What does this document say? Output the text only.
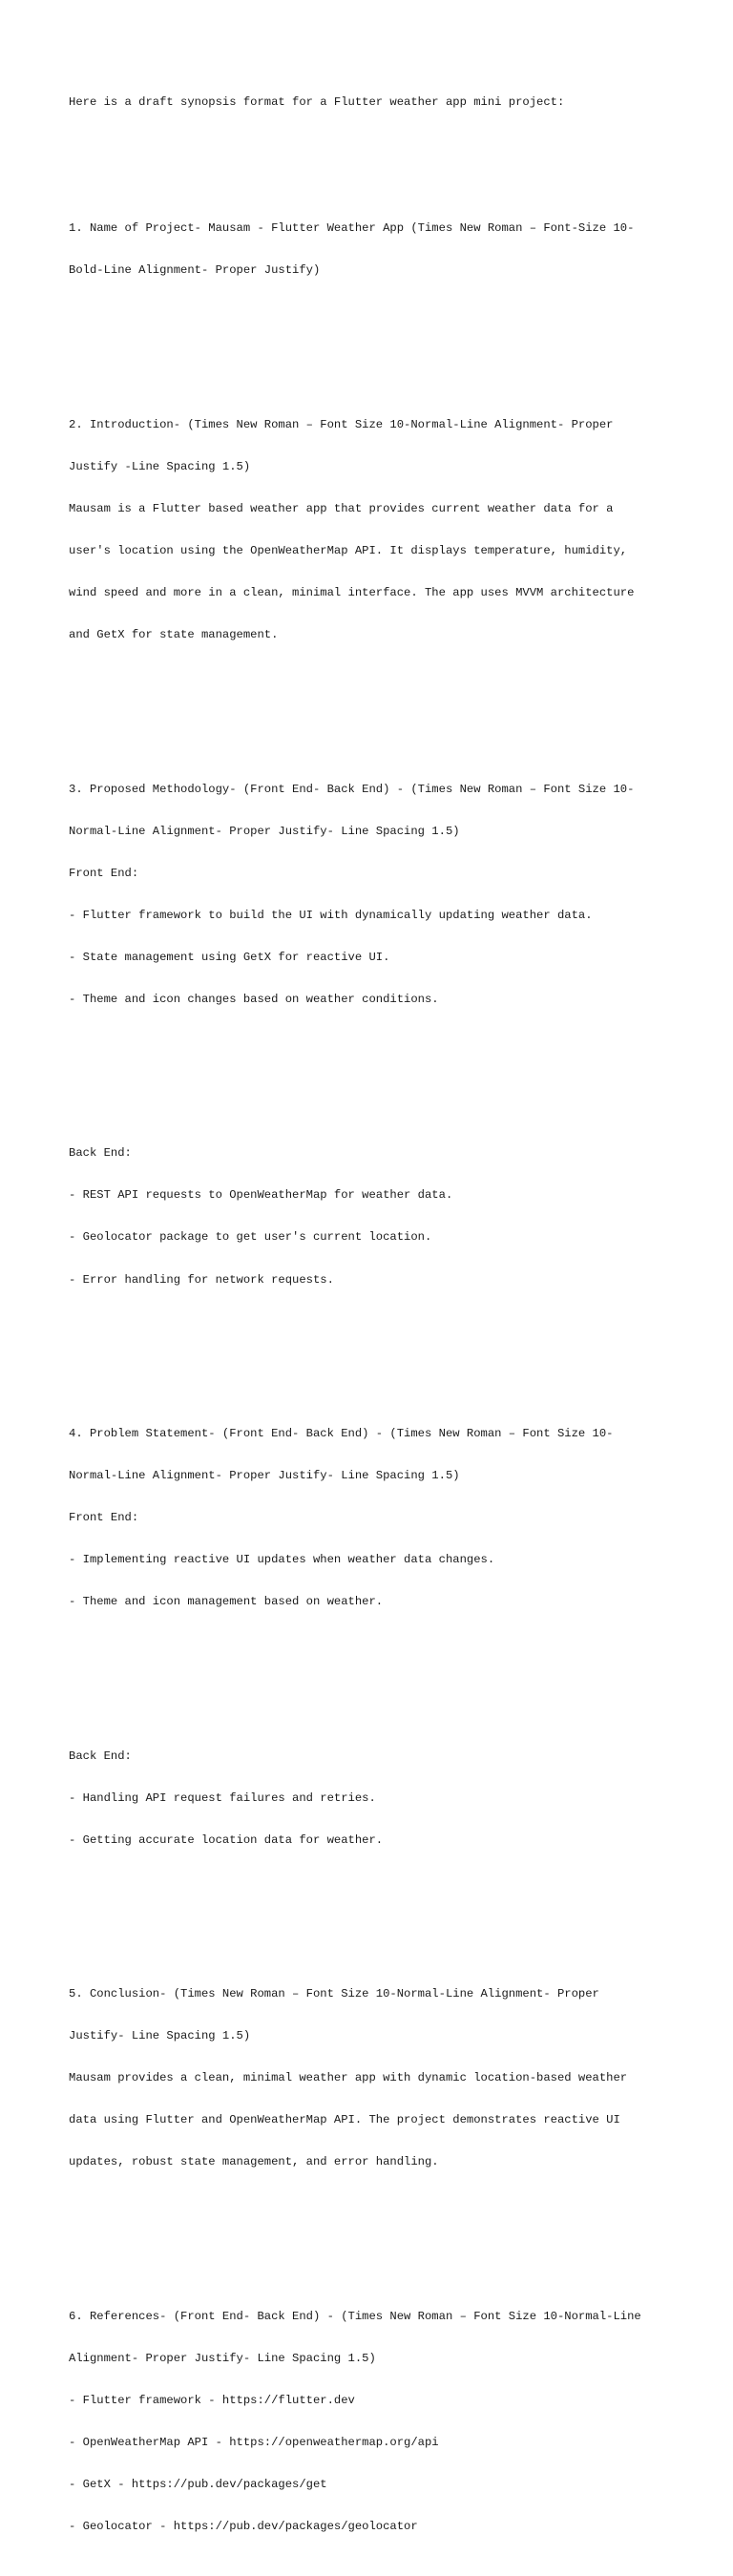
Here is a draft synopsis format for a Flutter weather app mini project:

1. Name of Project- Mausam - Flutter Weather App (Times New Roman – Font-Size 10-

Bold-Line Alignment- Proper Justify)

2. Introduction- (Times New Roman – Font Size 10-Normal-Line Alignment- Proper

Justify -Line Spacing 1.5)

Mausam is a Flutter based weather app that provides current weather data for a

user's location using the OpenWeatherMap API. It displays temperature, humidity,

wind speed and more in a clean, minimal interface. The app uses MVVM architecture

and GetX for state management.

3. Proposed Methodology- (Front End- Back End) - (Times New Roman – Font Size 10-

Normal-Line Alignment- Proper Justify- Line Spacing 1.5)

Front End:

- Flutter framework to build the UI with dynamically updating weather data.

- State management using GetX for reactive UI.

- Theme and icon changes based on weather conditions.

Back End:

- REST API requests to OpenWeatherMap for weather data.

- Geolocator package to get user's current location.

- Error handling for network requests.

4. Problem Statement- (Front End- Back End) - (Times New Roman – Font Size 10-

Normal-Line Alignment- Proper Justify- Line Spacing 1.5)

Front End:

- Implementing reactive UI updates when weather data changes.

- Theme and icon management based on weather.

Back End:

- Handling API request failures and retries.

- Getting accurate location data for weather.

5. Conclusion- (Times New Roman – Font Size 10-Normal-Line Alignment- Proper

Justify- Line Spacing 1.5)

Mausam provides a clean, minimal weather app with dynamic location-based weather

data using Flutter and OpenWeatherMap API. The project demonstrates reactive UI

updates, robust state management, and error handling.

6. References- (Front End- Back End) - (Times New Roman – Font Size 10-Normal-Line

Alignment- Proper Justify- Line Spacing 1.5)

- Flutter framework - https://flutter.dev

- OpenWeatherMap API - https://openweathermap.org/api

- GetX - https://pub.dev/packages/get

- Geolocator - https://pub.dev/packages/geolocator
